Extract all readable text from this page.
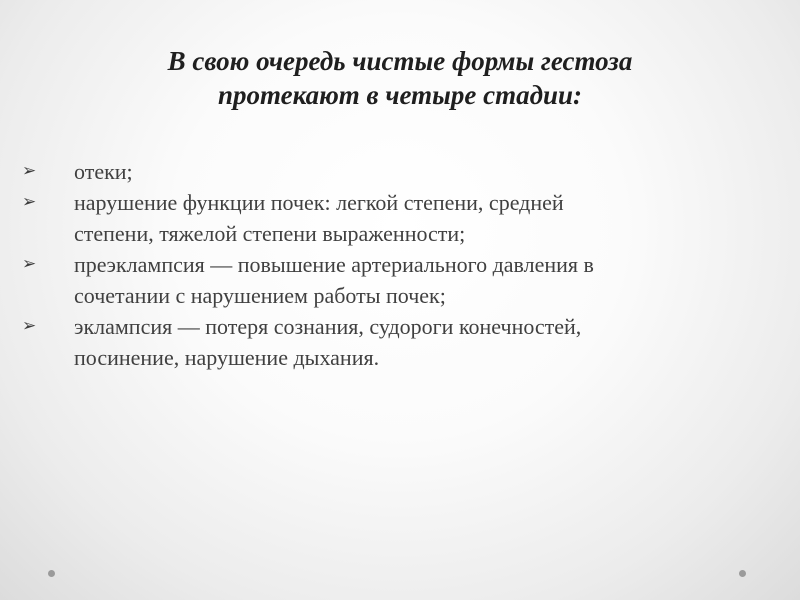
В свою очередь чистые формы гестоза
протекают в четыре стадии:
➢	отеки;
➢	нарушение функции почек: легкой степени, средней
степени, тяжелой степени выраженности;
➢	преэклампсия — повышение артериального давления в
сочетании с нарушением работы почек;
➢	эклампсия — потеря сознания, судороги конечностей,
посинение, нарушение дыхания.
